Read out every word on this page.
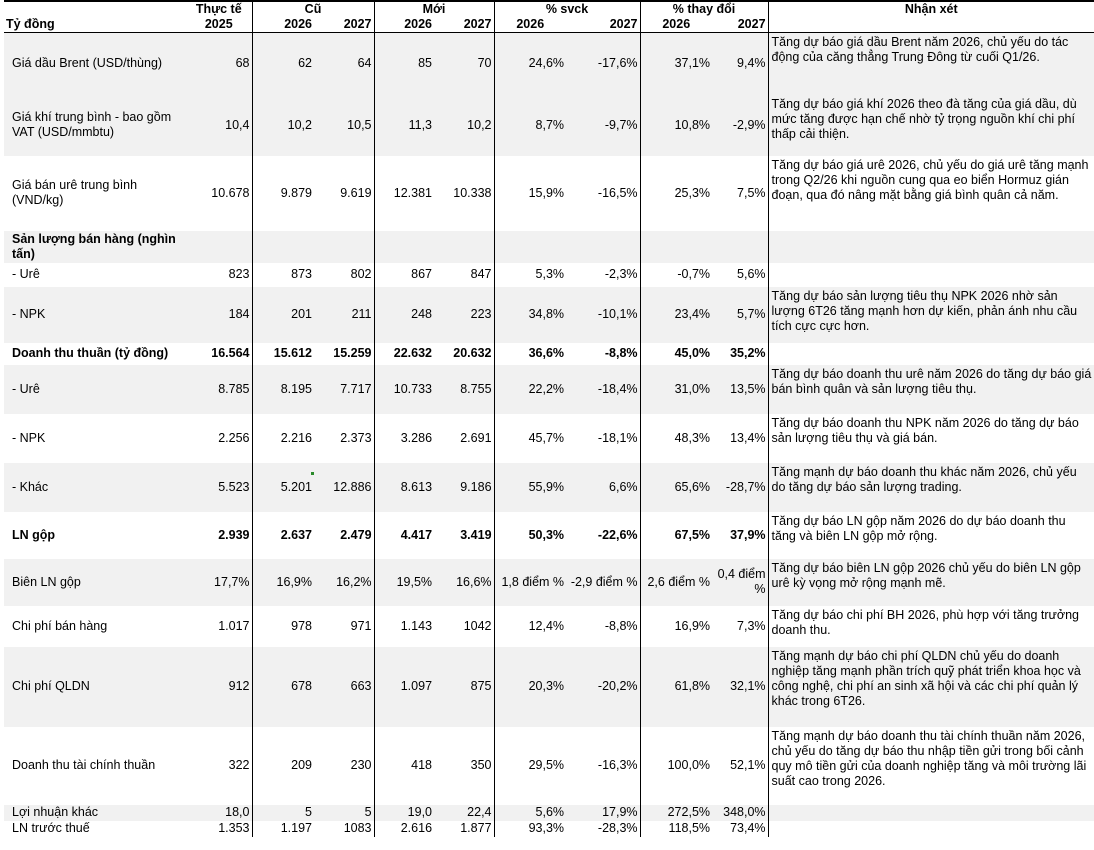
	Thực tế	Cũ		Mới		% svck		% thay đổi		Nhận xét
Tỷ đồng	2025	2026	2027	2026	2027	2026	2027	2026	2027	
Giá dầu Brent (USD/thùng)	68	62	64	85	70	24,6%	-17,6%	37,1%	9,4%	Tăng dự báo giá dầu Brent năm 2026, chủ yếu do tác động của căng thẳng Trung Đông từ cuối Q1/26.
Giá khí trung bình - bao gồm VAT (USD/mmbtu)	10,4	10,2	10,5	11,3	10,2	8,7%	-9,7%	10,8%	-2,9%	Tăng dự báo giá khí 2026 theo đà tăng của giá dầu, dù mức tăng được hạn chế nhờ tỷ trọng nguồn khí chi phí thấp cải thiện.
Giá bán urê trung bình (VND/kg)	10.678	9.879	9.619	12.381	10.338	15,9%	-16,5%	25,3%	7,5%	Tăng dự báo giá urê 2026, chủ yếu do giá urê tăng mạnh trong Q2/26 khi nguồn cung qua eo biển Hormuz gián đoạn, qua đó nâng mặt bằng giá bình quân cả năm.
Sản lượng bán hàng (nghìn tấn)										
- Urê	823	873	802	867	847	5,3%	-2,3%	-0,7%	5,6%	
- NPK	184	201	211	248	223	34,8%	-10,1%	23,4%	5,7%	Tăng dự báo sản lượng tiêu thụ NPK 2026 nhờ sản lượng 6T26 tăng mạnh hơn dự kiến, phản ánh nhu cầu tích cực cực hơn.
Doanh thu thuần (tỷ đồng)	16.564	15.612	15.259	22.632	20.632	36,6%	-8,8%	45,0%	35,2%	
- Urê	8.785	8.195	7.717	10.733	8.755	22,2%	-18,4%	31,0%	13,5%	Tăng dự báo doanh thu urê năm 2026 do tăng dự báo giá bán bình quân và sản lượng tiêu thụ.
- NPK	2.256	2.216	2.373	3.286	2.691	45,7%	-18,1%	48,3%	13,4%	Tăng dự báo doanh thu NPK năm 2026 do tăng dự báo sản lượng tiêu thụ và giá bán.
- Khác	5.523	5.201	12.886	8.613	9.186	55,9%	6,6%	65,6%	-28,7%	Tăng mạnh dự báo doanh thu khác năm 2026, chủ yếu do tăng dự báo sản lượng trading.
LN gộp	2.939	2.637	2.479	4.417	3.419	50,3%	-22,6%	67,5%	37,9%	Tăng dự báo LN gộp năm 2026 do dự báo doanh thu tăng và biên LN gộp mở rộng.
Biên LN gộp	17,7%	16,9%	16,2%	19,5%	16,6%	1,8 điểm %	-2,9 điểm %	2,6 điểm %	0,4 điểm %	Tăng dự báo biên LN gộp 2026 chủ yếu do biên LN gộp urê kỳ vọng mở rộng mạnh mẽ.
Chi phí bán hàng	1.017	978	971	1.143	1042	12,4%	-8,8%	16,9%	7,3%	Tăng dự báo chi phí BH 2026, phù hợp với tăng trưởng doanh thu.
Chi phí QLDN	912	678	663	1.097	875	20,3%	-20,2%	61,8%	32,1%	Tăng mạnh dự báo chi phí QLDN chủ yếu do doanh nghiệp tăng mạnh phần trích quỹ phát triển khoa học và công nghệ, chi phí an sinh xã hội và các chi phí quản lý khác trong 6T26.
Doanh thu tài chính thuần	322	209	230	418	350	29,5%	-16,3%	100,0%	52,1%	Tăng mạnh dự báo doanh thu tài chính thuần năm 2026, chủ yếu do tăng dự báo thu nhập tiền gửi trong bối cảnh quy mô tiền gửi của doanh nghiệp tăng và môi trường lãi suất cao trong 2026.
Lợi nhuận khác	18,0	5	5	19,0	22,4	5,6%	17,9%	272,5%	348,0%	
LN trước thuế	1.353	1.197	1083	2.616	1.877	93,3%	-28,3%	118,5%	73,4%	
